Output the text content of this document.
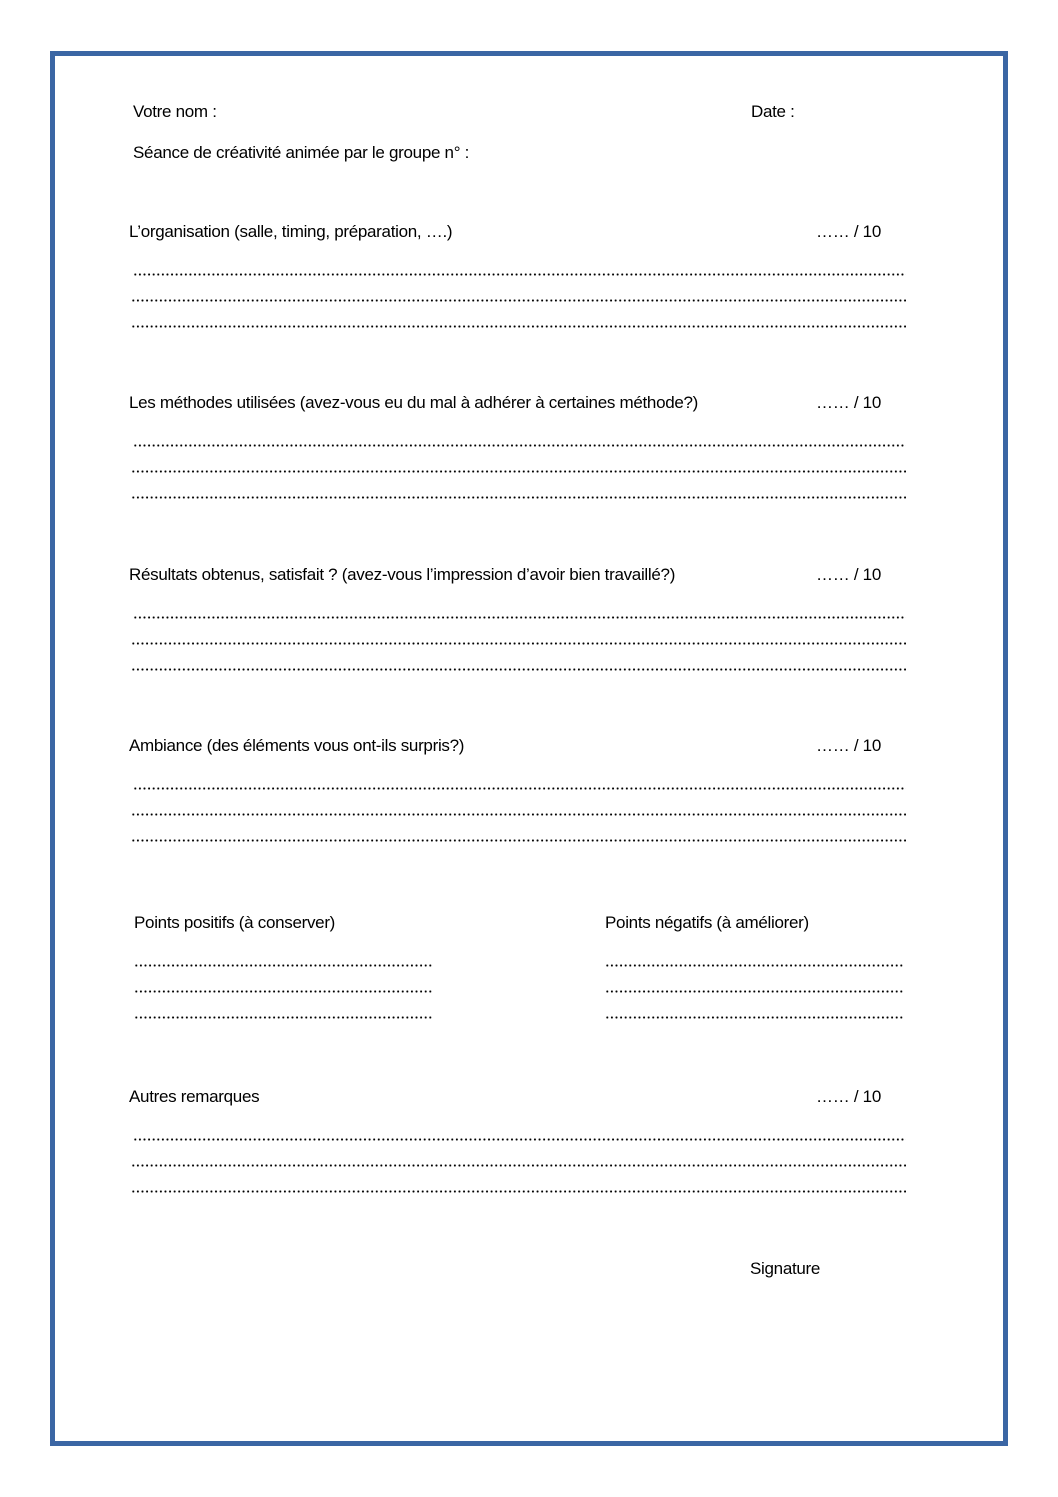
Votre nom :	Date :
Séance de créativité animée par le groupe n° :
L’organisation (salle, timing, préparation, ….)	…… / 10
Les méthodes utilisées (avez-vous eu du mal à adhérer à certaines méthode?)	…… / 10
Résultats obtenus, satisfait ? (avez-vous l’impression d’avoir bien travaillé?)	…… / 10
Ambiance (des éléments vous ont-ils surpris?)	…… / 10
Points positifs (à conserver)	Points négatifs (à améliorer)
Autres remarques	…… / 10
Signature
